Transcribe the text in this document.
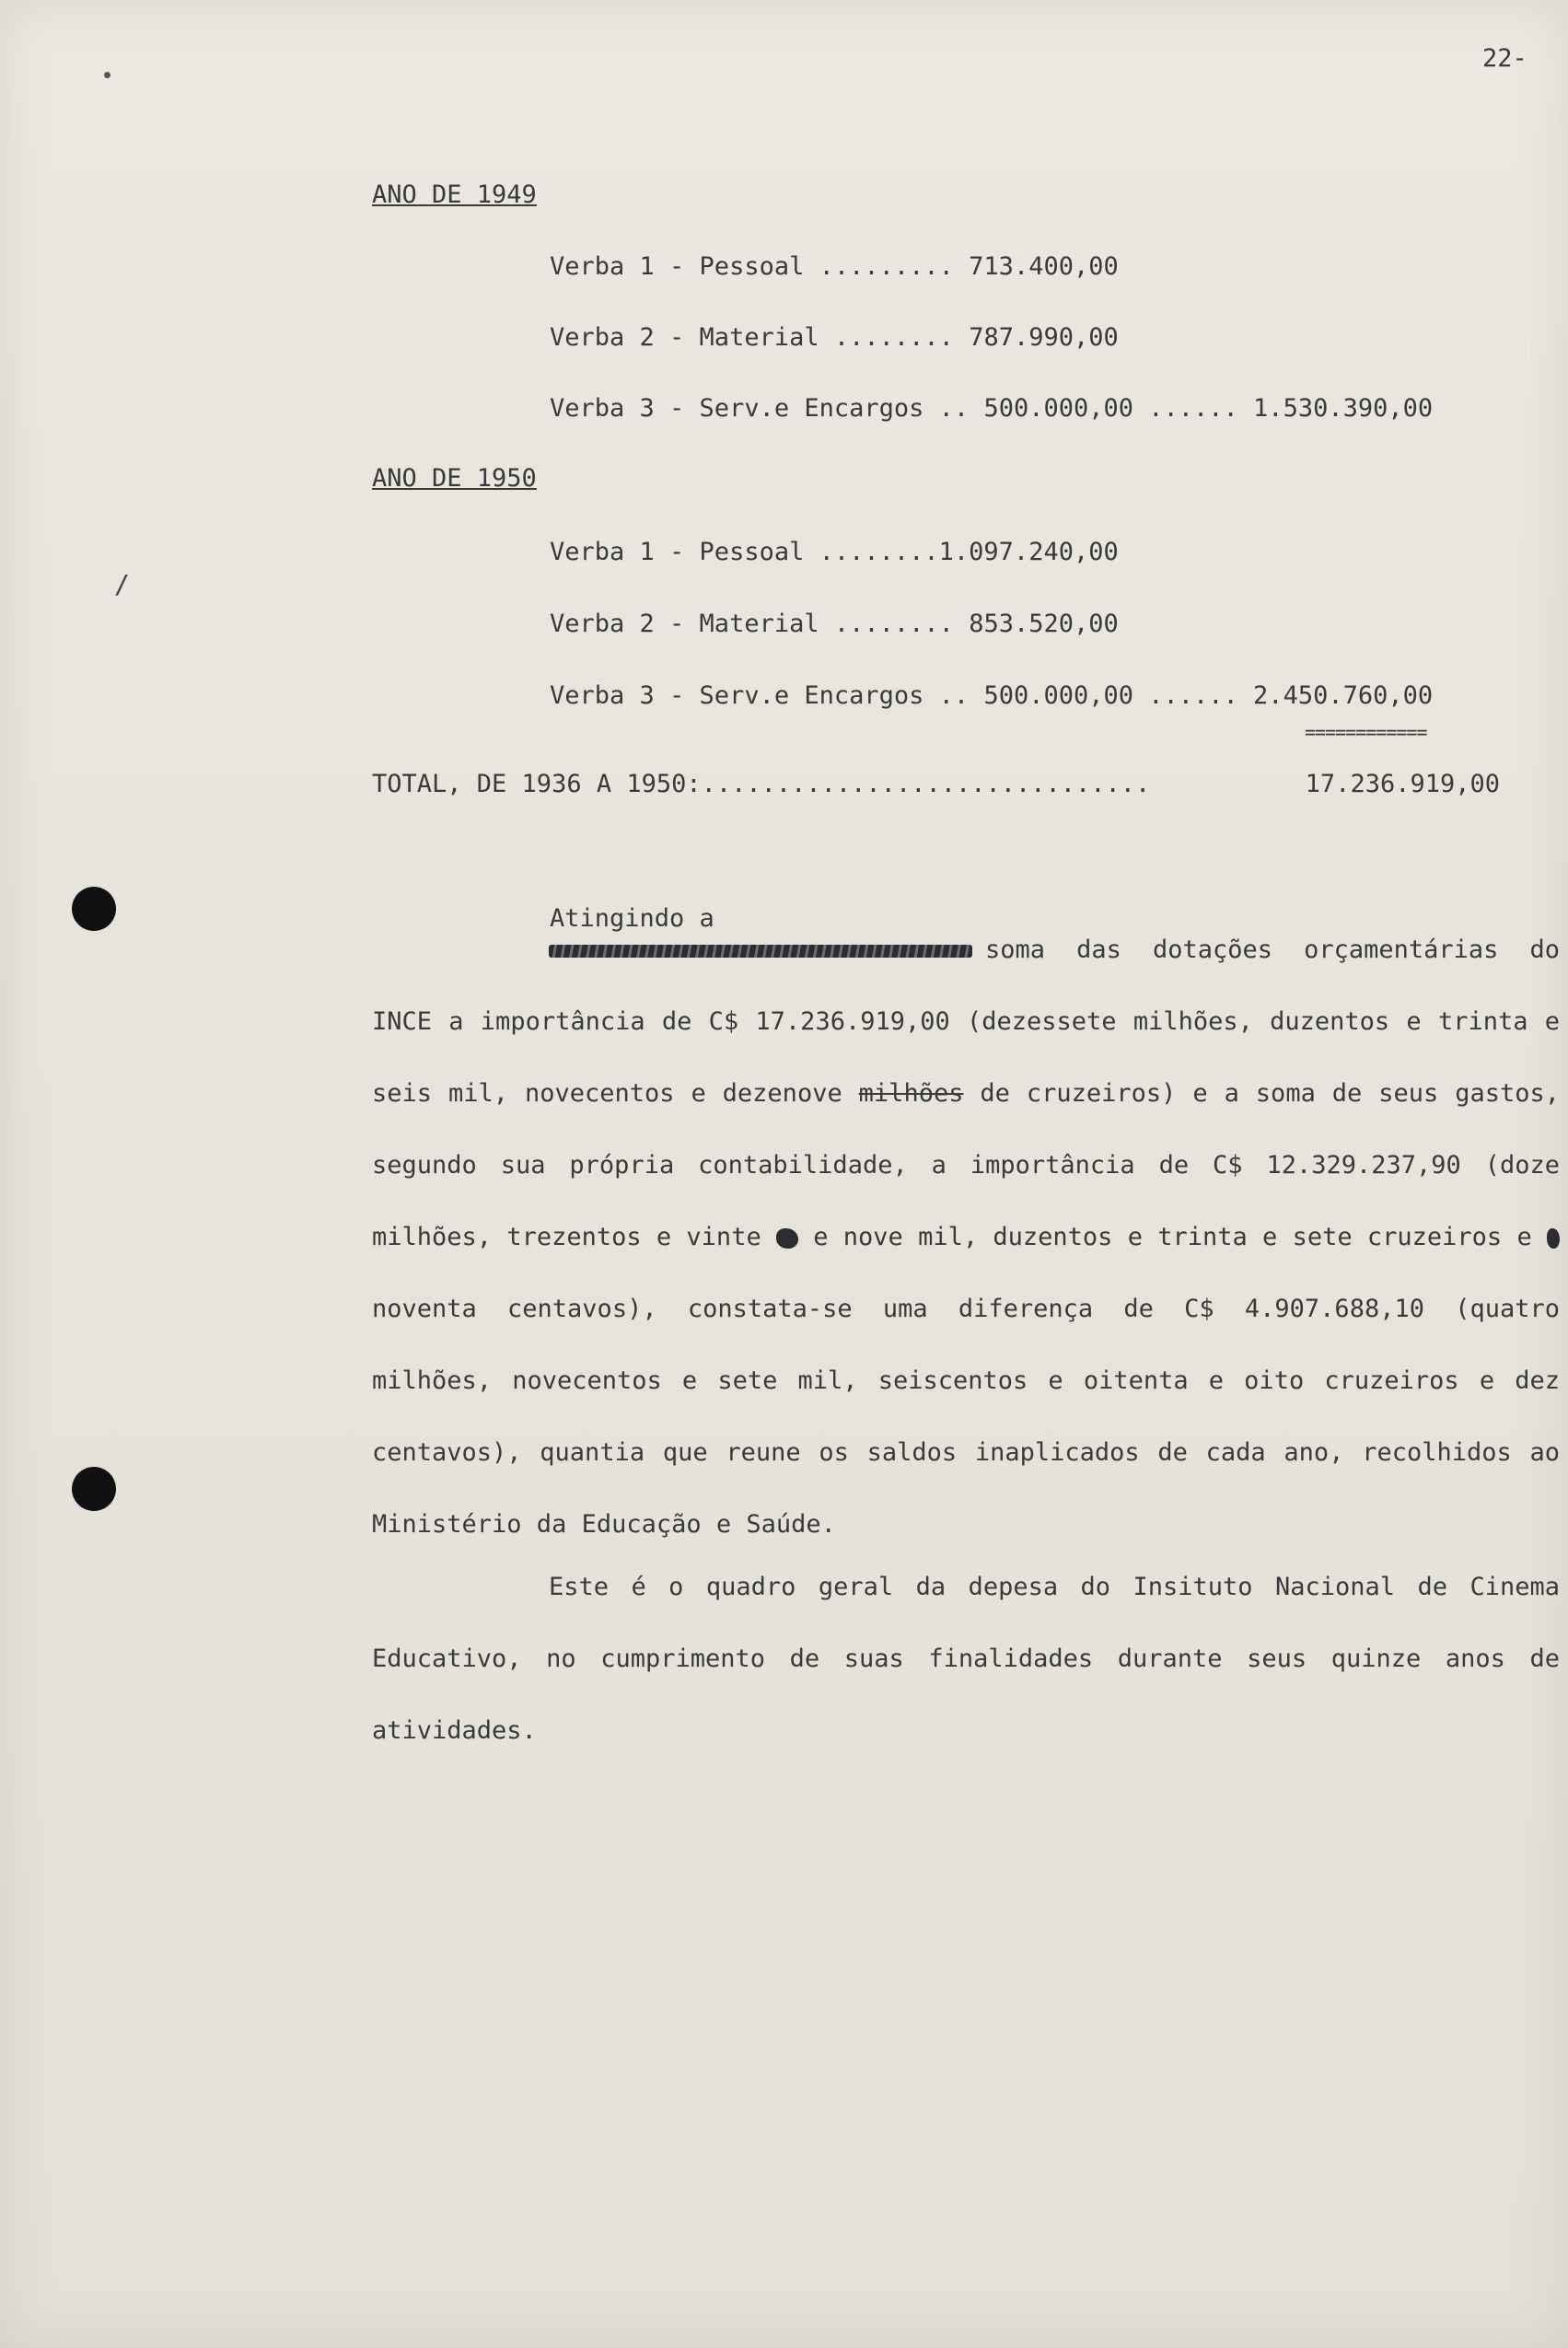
/
22-
ANO DE 1949
Verba 1 - Pessoal .........
713.400,00
Verba 2 - Material ........
787.990,00
Verba 3 - Serv.e Encargos ..
500.000,00
...... 1.530.390,00
ANO DE 1950
Verba 1 - Pessoal ........ 1.097.240,00
Verba 2 - Material ........
853.520,00
Verba 3 - Serv.e Encargos ..
500.000,00
...... 2.450.760,00
============
TOTAL, DE 1936 A 1950:..............................	17.236.919,00
Atingindo a

soma das dotações orçamentárias do INCE a importância de C$ 17.236.919,00 (dezessete milhões, duzentos e trinta e seis mil, novecentos e dezenove milhões de cruzeiros) e a soma de seus gastos, segundo sua própria contabilidade, a importância de C$ 12.329.237,90 (doze milhões, trezentos e vinte  e nove mil, duzentos e trinta e sete cruzeiros e  noventa centavos), constata-se uma diferença de C$ 4.907.688,10 (quatro milhões, novecentos e sete mil, seiscentos e oitenta e oito cruzeiros e dez centavos), quantia que reune os saldos inaplicados de cada ano, recolhidos ao Ministério da Educação e Saúde.

Este é o quadro geral da depesa do Insituto Nacional de Cinema Educativo, no cumprimento de suas finalidades durante seus quinze anos de atividades.
